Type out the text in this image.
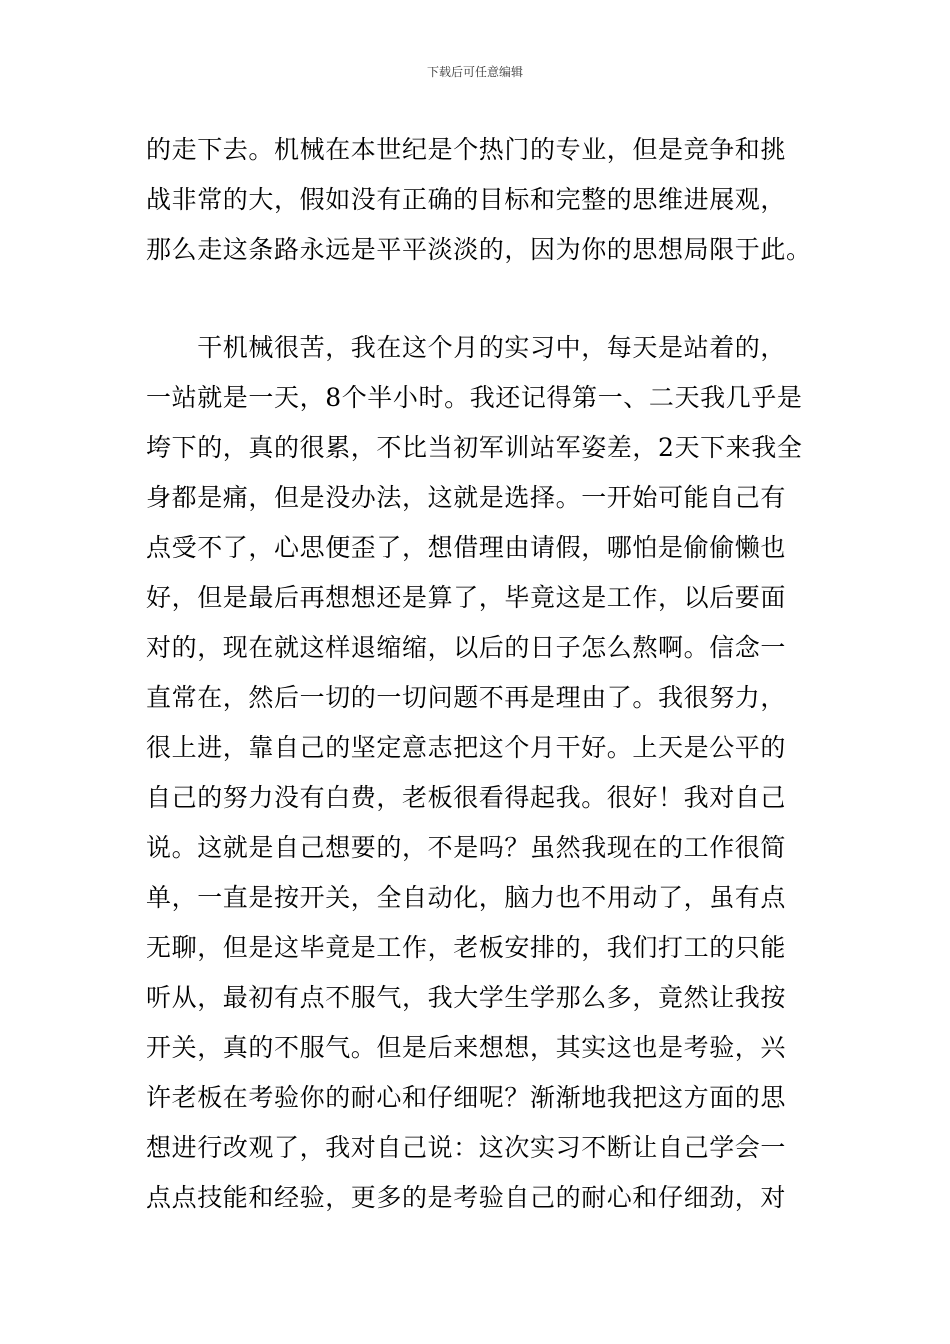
下载后可任意编辑
的走下去。机械在本世纪是个热门的专业，但是竞争和挑
战非常的大，假如没有正确的目标和完整的思维进展观，
那么走这条路永远是平平淡淡的，因为你的思想局限于此。
　　干机械很苦，我在这个月的实习中，每天是站着的，
一站就是一天，8个半小时。我还记得第一、二天我几乎是
垮下的，真的很累，不比当初军训站军姿差，2天下来我全
身都是痛，但是没办法，这就是选择。一开始可能自己有
点受不了，心思便歪了，想借理由请假，哪怕是偷偷懒也
好，但是最后再想想还是算了，毕竟这是工作，以后要面
对的，现在就这样退缩缩，以后的日子怎么熬啊。信念一
直常在，然后一切的一切问题不再是理由了。我很努力，
很上进，靠自己的坚定意志把这个月干好。上天是公平的
自己的努力没有白费，老板很看得起我。很好！我对自己
说。这就是自己想要的，不是吗？虽然我现在的工作很简
单，一直是按开关，全自动化，脑力也不用动了，虽有点
无聊，但是这毕竟是工作，老板安排的，我们打工的只能
听从，最初有点不服气，我大学生学那么多，竟然让我按
开关，真的不服气。但是后来想想，其实这也是考验，兴
许老板在考验你的耐心和仔细呢？渐渐地我把这方面的思
想进行改观了，我对自己说：这次实习不断让自己学会一
点点技能和经验，更多的是考验自己的耐心和仔细劲，对
